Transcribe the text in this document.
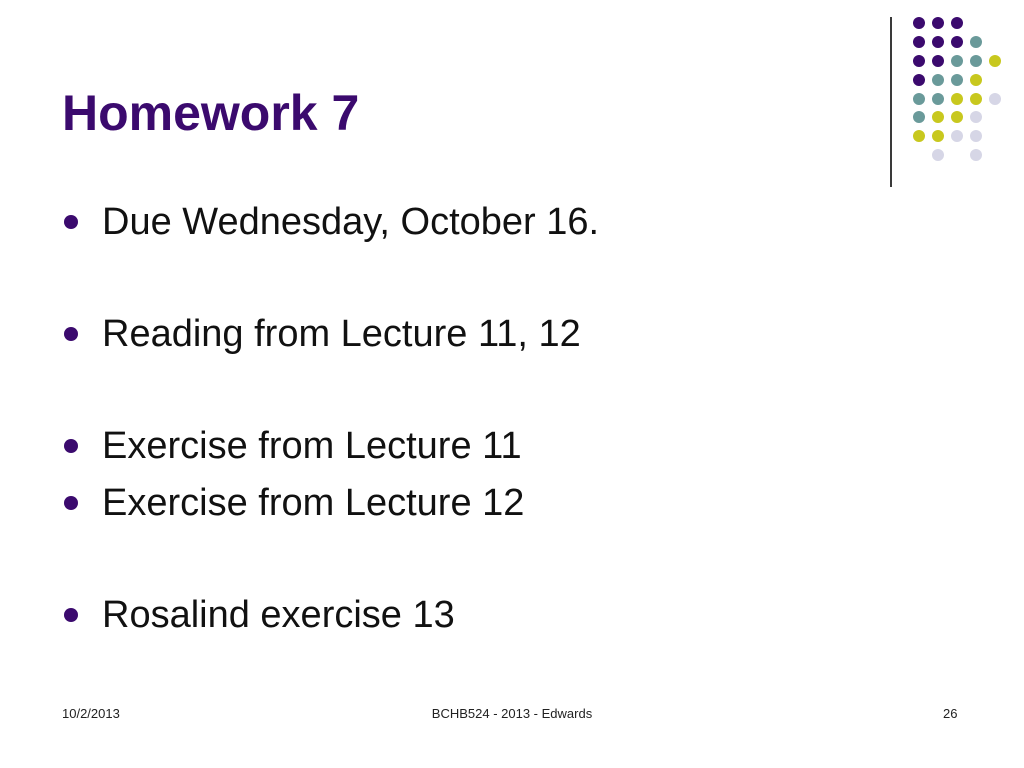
Homework 7
Due Wednesday, October 16.
Reading from Lecture 11, 12
Exercise from Lecture 11
Exercise from Lecture 12
Rosalind exercise 13
10/2/2013	BCHB524 - 2013 - Edwards	26
